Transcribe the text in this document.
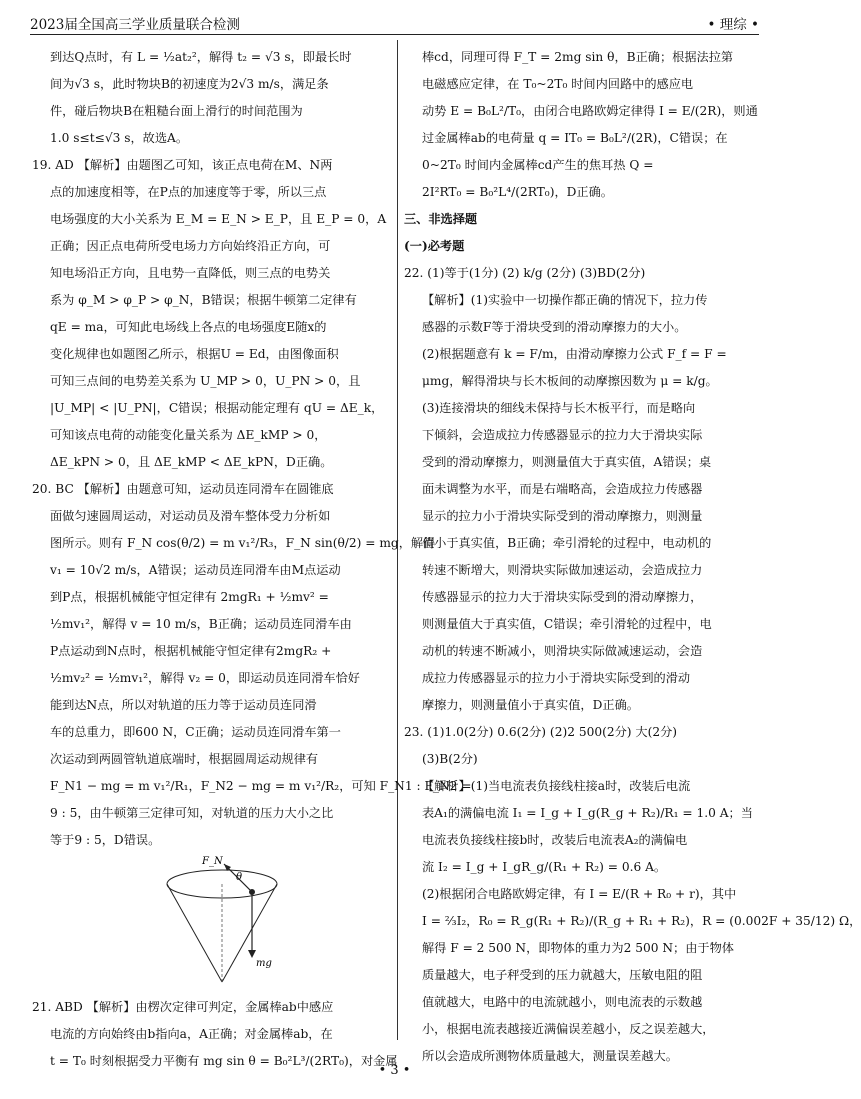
2023届全国高三学业质量联合检测	• 理综 •
到达Q点时，有 L = ½at₂²，解得 t₂ = √3 s，即最长时
间为√3 s，此时物块B的初速度为2√3 m/s，满足条
件，碰后物块B在粗糙台面上滑行的时间范围为
1.0 s≤t≤√3 s，故选A。
19. AD 【解析】由题图乙可知，该正点电荷在M、N两
点的加速度相等，在P点的加速度等于零，所以三点
电场强度的大小关系为 E_M = E_N > E_P，且 E_P = 0，A
正确；因正点电荷所受电场力方向始终沿正方向，可
知电场沿正方向，且电势一直降低，则三点的电势关
系为 φ_M > φ_P > φ_N，B错误；根据牛顿第二定律有
qE = ma，可知此电场线上各点的电场强度E随x的
变化规律也如题图乙所示，根据U = Ed，由图像面积
可知三点间的电势差关系为 U_MP > 0，U_PN > 0，且
|U_MP| < |U_PN|，C错误；根据动能定理有 qU = ΔE_k，
可知该点电荷的动能变化量关系为 ΔE_kMP > 0，
ΔE_kPN > 0，且 ΔE_kMP < ΔE_kPN，D正确。
20. BC 【解析】由题意可知，运动员连同滑车在圆锥底
面做匀速圆周运动，对运动员及滑车整体受力分析如
图所示。则有 F_N cos(θ/2) = m v₁²/R₃，F_N sin(θ/2) = mg，解得
v₁ = 10√2 m/s，A错误；运动员连同滑车由M点运动
到P点，根据机械能守恒定律有 2mgR₁ + ½mv² =
½mv₁²，解得 v = 10 m/s，B正确；运动员连同滑车由
P点运动到N点时，根据机械能守恒定律有2mgR₂ +
½mv₂² = ½mv₁²，解得 v₂ = 0，即运动员连同滑车恰好
能到达N点，所以对轨道的压力等于运动员连同滑
车的总重力，即600 N，C正确；运动员连同滑车第一
次运动到两圆管轨道底端时，根据圆周运动规律有
F_N1 − mg = m v₁²/R₁，F_N2 − mg = m v₁²/R₂，可知 F_N1 : F_N2 =
9 : 5，由牛顿第三定律可知，对轨道的压力大小之比
等于9 : 5，D错误。
F_N
θ
mg
21. ABD 【解析】由楞次定律可判定，金属棒ab中感应
电流的方向始终由b指向a，A正确；对金属棒ab，在
t = T₀ 时刻根据受力平衡有 mg sin θ = B₀²L³/(2RT₀)，对金属
棒cd，同理可得 F_T = 2mg sin θ，B正确；根据法拉第
电磁感应定律，在 T₀~2T₀ 时间内回路中的感应电
动势 E = B₀L²/T₀，由闭合电路欧姆定律得 I = E/(2R)，则通
过金属棒ab的电荷量 q = IT₀ = B₀L²/(2R)，C错误；在
0~2T₀ 时间内金属棒cd产生的焦耳热 Q =
2I²RT₀ = B₀²L⁴/(2RT₀)，D正确。
三、非选择题
(一)必考题
22. (1)等于(1分) (2) k/g (2分) (3)BD(2分)
【解析】(1)实验中一切操作都正确的情况下，拉力传
感器的示数F等于滑块受到的滑动摩擦力的大小。
(2)根据题意有 k = F/m，由滑动摩擦力公式 F_f = F =
μmg，解得滑块与长木板间的动摩擦因数为 μ = k/g。
(3)连接滑块的细线未保持与长木板平行，而是略向
下倾斜，会造成拉力传感器显示的拉力大于滑块实际
受到的滑动摩擦力，则测量值大于真实值，A错误；桌
面未调整为水平，而是右端略高，会造成拉力传感器
显示的拉力小于滑块实际受到的滑动摩擦力，则测量
值小于真实值，B正确；牵引滑轮的过程中，电动机的
转速不断增大，则滑块实际做加速运动，会造成拉力
传感器显示的拉力大于滑块实际受到的滑动摩擦力，
则测量值大于真实值，C错误；牵引滑轮的过程中，电
动机的转速不断减小，则滑块实际做减速运动，会造
成拉力传感器显示的拉力小于滑块实际受到的滑动
摩擦力，则测量值小于真实值，D正确。
23. (1)1.0(2分) 0.6(2分) (2)2 500(2分) 大(2分)
(3)B(2分)
【解析】(1)当电流表负接线柱接a时，改装后电流
表A₁的满偏电流 I₁ = I_g + I_g(R_g + R₂)/R₁ = 1.0 A；当
电流表负接线柱接b时，改装后电流表A₂的满偏电
流 I₂ = I_g + I_gR_g/(R₁ + R₂) = 0.6 A。
(2)根据闭合电路欧姆定律，有 I = E/(R + R₀ + r)，其中
I = ⅔I₂，R₀ = R_g(R₁ + R₂)/(R_g + R₁ + R₂)，R = (0.002F + 35/12) Ω，
解得 F = 2 500 N，即物体的重力为2 500 N；由于物体
质量越大，电子秤受到的压力就越大，压敏电阻的阻
值就越大，电路中的电流就越小，则电流表的示数越
小，根据电流表越接近满偏误差越小，反之误差越大，
所以会造成所测物体质量越大，测量误差越大。
• 3 •
